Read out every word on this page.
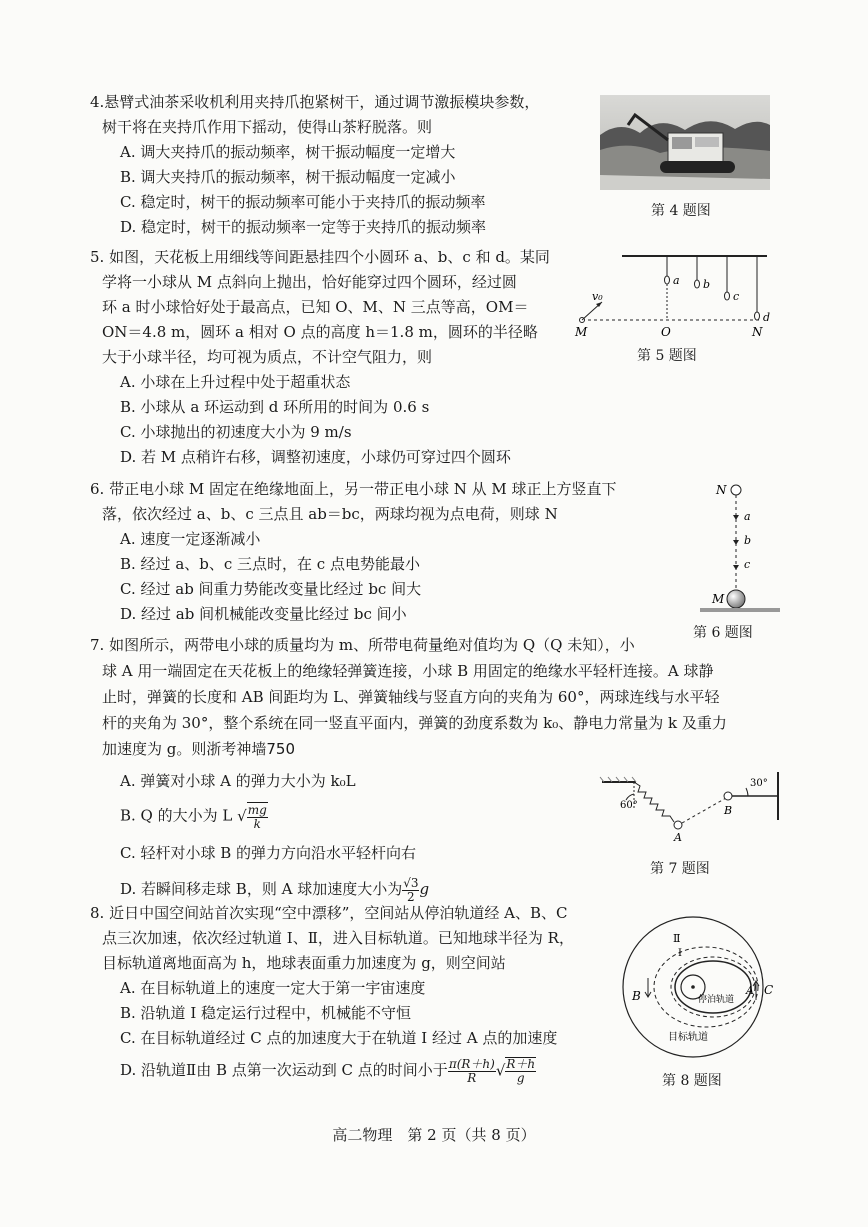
4.悬臂式油茶采收机利用夹持爪抱紧树干，通过调节激振模块参数，
树干将在夹持爪作用下摇动，使得山茶籽脱落。则
A. 调大夹持爪的振动频率，树干振动幅度一定增大
B. 调大夹持爪的振动频率，树干振动幅度一定减小
C. 稳定时，树干的振动频率可能小于夹持爪的振动频率
D. 稳定时，树干的振动频率一定等于夹持爪的振动频率
第 4 题图
5. 如图，天花板上用细线等间距悬挂四个小圆环 a、b、c 和 d。某同
学将一小球从 M 点斜向上抛出，恰好能穿过四个圆环，经过圆
环 a 时小球恰好处于最高点，已知 O、M、N 三点等高，OM＝
ON＝4.8 m，圆环 a 相对 O 点的高度 h＝1.8 m，圆环的半径略
大于小球半径，均可视为质点，不计空气阻力，则
A. 小球在上升过程中处于超重状态
B. 小球从 a 环运动到 d 环所用的时间为 0.6 s
C. 小球抛出的初速度大小为 9 m/s
D. 若 M 点稍许右移，调整初速度，小球仍可穿过四个圆环
v₀
M	O	N
a b
c
d
第 5 题图
6. 带正电小球 M 固定在绝缘地面上，另一带正电小球 N 从 M 球正上方竖直下
落，依次经过 a、b、c 三点且 ab＝bc，两球均视为点电荷，则球 N
A. 速度一定逐渐减小
B. 经过 a、b、c 三点时，在 c 点电势能最小
C. 经过 ab 间重力势能改变量比经过 bc 间大
D. 经过 ab 间机械能改变量比经过 bc 间小
a
b
c
N
M
第 6 题图
7. 如图所示，两带电小球的质量均为 m、所带电荷量绝对值均为 Q（Q 未知），小
球 A 用一端固定在天花板上的绝缘轻弹簧连接，小球 B 用固定的绝缘水平轻杆连接。A 球静
止时，弹簧的长度和 AB 间距均为 L、弹簧轴线与竖直方向的夹角为 60°，两球连线与水平轻
杆的夹角为 30°，整个系统在同一竖直平面内，弹簧的劲度系数为 k₀、静电力常量为 k 及重力
加速度为 g。则浙考神墙750
A. 弹簧对小球 A 的弹力大小为 k₀L
B. Q 的大小为 L √ $\frac{mg}{k}$
C. 轻杆对小球 B 的弹力方向沿水平轻杆向右
D. 若瞬间移走球 B，则 A 球加速度大小为 $\frac{√3}{2}$ g
60°
A
B
30°
第 7 题图
8. 近日中国空间站首次实现“空中漂移”，空间站从停泊轨道经 A、B、C
点三次加速，依次经过轨道 Ⅰ、Ⅱ，进入目标轨道。已知地球半径为 R，
目标轨道离地面高为 h，地球表面重力加速度为 g，则空间站
A. 在目标轨道上的速度一定大于第一宇宙速度
B. 沿轨道 Ⅰ 稳定运行过程中，机械能不守恒
C. 在目标轨道经过 C 点的加速度大于在轨道 Ⅰ 经过 A 点的加速度
D. 沿轨道Ⅱ由 B 点第一次运动到 C 点的时间小于 $\frac{\pi(R+h)}{R}$ √ $\frac{R+h}{g}$
Ⅱ
Ⅰ
B	A C
停泊轨道
目标轨道
第 8 题图
高二物理　第 2 页（共 8 页）
